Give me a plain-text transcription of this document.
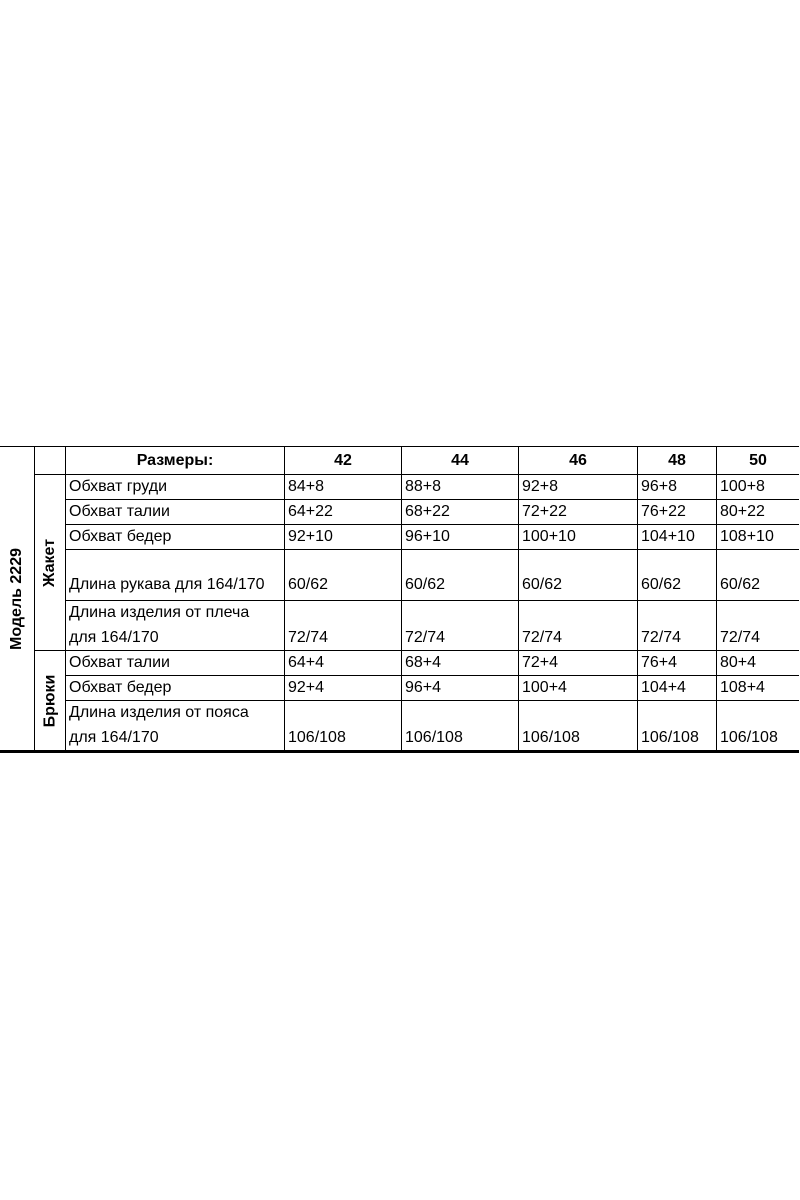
Модель 2229
Размеры:	42	44	46	48	50
Жакет
Обхват груди	84+8	88+8	92+8	96+8	100+8
Обхват талии	64+22	68+22	72+22	76+22	80+22
Обхват бедер	92+10	96+10	100+10	104+10	108+10
Длина рукава для 164/170	60/62	60/62	60/62	60/62	60/62
Длина изделия от плеча
для 164/170	72/74	72/74	72/74	72/74	72/74
Брюки
Обхват талии	64+4	68+4	72+4	76+4	80+4
Обхват бедер	92+4	96+4	100+4	104+4	108+4
Длина изделия от пояса
для 164/170	106/108	106/108	106/108	106/108	106/108
